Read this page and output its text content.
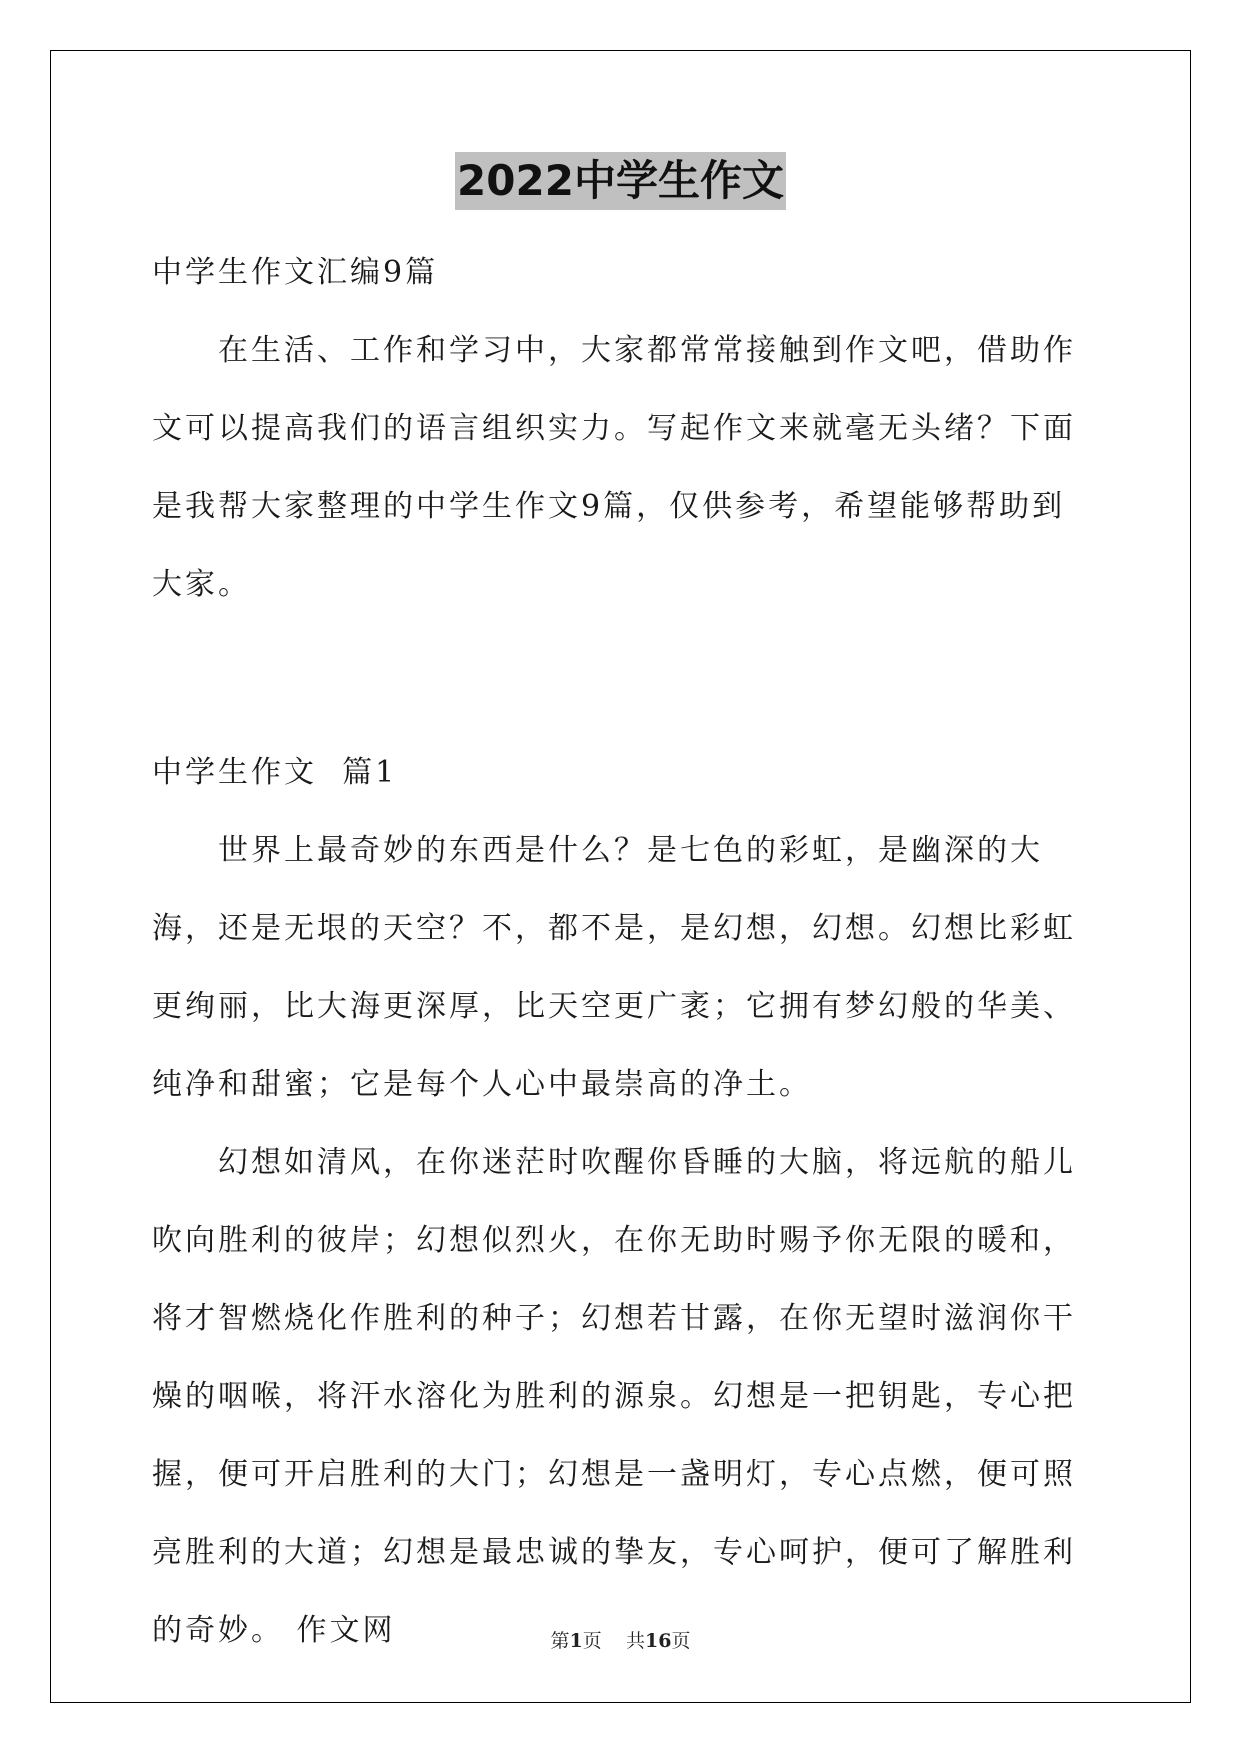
2022中学生作文

中学生作文汇编9篇

在生活、工作和学习中，大家都常常接触到作文吧，借助作文可以提高我们的语言组织实力。写起作文来就毫无头绪？下面是我帮大家整理的中学生作文9篇，仅供参考，希望能够帮助到大家。

中学生作文  篇1

世界上最奇妙的东西是什么？是七色的彩虹，是幽深的大海，还是无垠的天空？不，都不是，是幻想，幻想。幻想比彩虹更绚丽，比大海更深厚，比天空更广袤；它拥有梦幻般的华美、纯净和甜蜜；它是每个人心中最崇高的净土。

幻想如清风，在你迷茫时吹醒你昏睡的大脑，将远航的船儿吹向胜利的彼岸；幻想似烈火，在你无助时赐予你无限的暖和，将才智燃烧化作胜利的种子；幻想若甘露，在你无望时滋润你干燥的咽喉，将汗水溶化为胜利的源泉。幻想是一把钥匙，专心把握，便可开启胜利的大门；幻想是一盏明灯，专心点燃，便可照亮胜利的大道；幻想是最忠诚的挚友，专心呵护，便可了解胜利的奇妙。 作文网	第1页 共16页
